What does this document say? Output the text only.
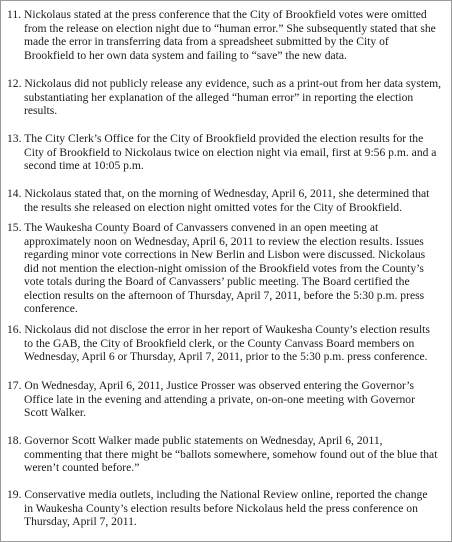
11. Nickolaus stated at the press conference that the City of Brookfield votes were omitted
from the release on election night due to “human error.” She subsequently stated that she
made the error in transferring data from a spreadsheet submitted by the City of
Brookfield to her own data system and failing to “save” the new data.
12. Nickolaus did not publicly release any evidence, such as a print-out from her data system,
substantiating her explanation of the alleged “human error” in reporting the election
results.
13. The City Clerk’s Office for the City of Brookfield provided the election results for the
City of Brookfield to Nickolaus twice on election night via email, first at 9:56 p.m. and a
second time at 10:05 p.m.
14. Nickolaus stated that, on the morning of Wednesday, April 6, 2011, she determined that
the results she released on election night omitted votes for the City of Brookfield.
15. The Waukesha County Board of Canvassers convened in an open meeting at
approximately noon on Wednesday, April 6, 2011 to review the election results. Issues
regarding minor vote corrections in New Berlin and Lisbon were discussed. Nickolaus
did not mention the election-night omission of the Brookfield votes from the County’s
vote totals during the Board of Canvassers’ public meeting. The Board certified the
election results on the afternoon of Thursday, April 7, 2011, before the 5:30 p.m. press
conference.
16. Nickolaus did not disclose the error in her report of Waukesha County’s election results
to the GAB, the City of Brookfield clerk, or the County Canvass Board members on
Wednesday, April 6 or Thursday, April 7, 2011, prior to the 5:30 p.m. press conference.
17. On Wednesday, April 6, 2011, Justice Prosser was observed entering the Governor’s
Office late in the evening and attending a private, on-on-one meeting with Governor
Scott Walker.
18. Governor Scott Walker made public statements on Wednesday, April 6, 2011,
commenting that there might be “ballots somewhere, somehow found out of the blue that
weren’t counted before.”
19. Conservative media outlets, including the National Review online, reported the change
in Waukesha County’s election results before Nickolaus held the press conference on
Thursday, April 7, 2011.
